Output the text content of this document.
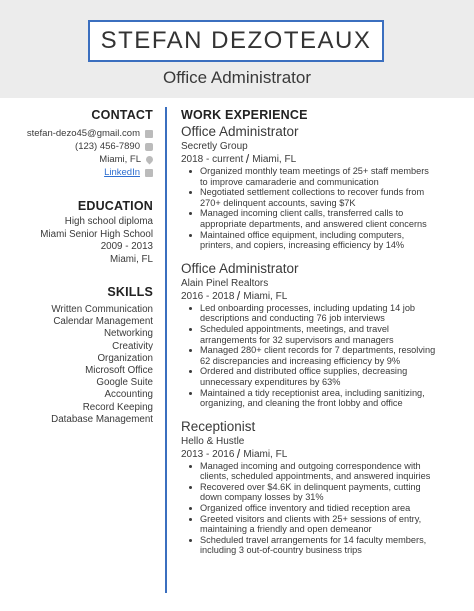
STEFAN DEZOTEAUX
Office Administrator
CONTACT
stefan-dezo45@gmail.com
(123) 456-7890
Miami, FL
LinkedIn
EDUCATION
High school diploma
Miami Senior High School
2009 - 2013
Miami, FL
SKILLS
Written Communication
Calendar Management
Networking
Creativity
Organization
Microsoft Office
Google Suite
Accounting
Record Keeping
Database Management
WORK EXPERIENCE
Office Administrator
Secretly Group
2018 - current Miami, FL
Organized monthly team meetings of 25+ staff members
to improve camaraderie and communication
Negotiated settlement collections to recover funds from
270+ delinquent accounts, saving $7K
Managed incoming client calls, transferred calls to
appropriate departments, and answered client concerns
Maintained office equipment, including computers,
printers, and copiers, increasing efficiency by 14%
Office Administrator
Alain Pinel Realtors
2016 - 2018 Miami, FL
Led onboarding processes, including updating 14 job
descriptions and conducting 76 job interviews
Scheduled appointments, meetings, and travel
arrangements for 32 supervisors and managers
Managed 280+ client records for 7 departments, resolving
62 discrepancies and increasing efficiency by 9%
Ordered and distributed office supplies, decreasing
unnecessary expenditures by 63%
Maintained a tidy receptionist area, including sanitizing,
organizing, and cleaning the front lobby and office
Receptionist
Hello & Hustle
2013 - 2016 Miami, FL
Managed incoming and outgoing correspondence with
clients, scheduled appointments, and answered inquiries
Recovered over $4.6K in delinquent payments, cutting
down company losses by 31%
Organized office inventory and tidied reception area
Greeted visitors and clients with 25+ sessions of entry,
maintaining a friendly and open demeanor
Scheduled travel arrangements for 14 faculty members,
including 3 out-of-country business trips
